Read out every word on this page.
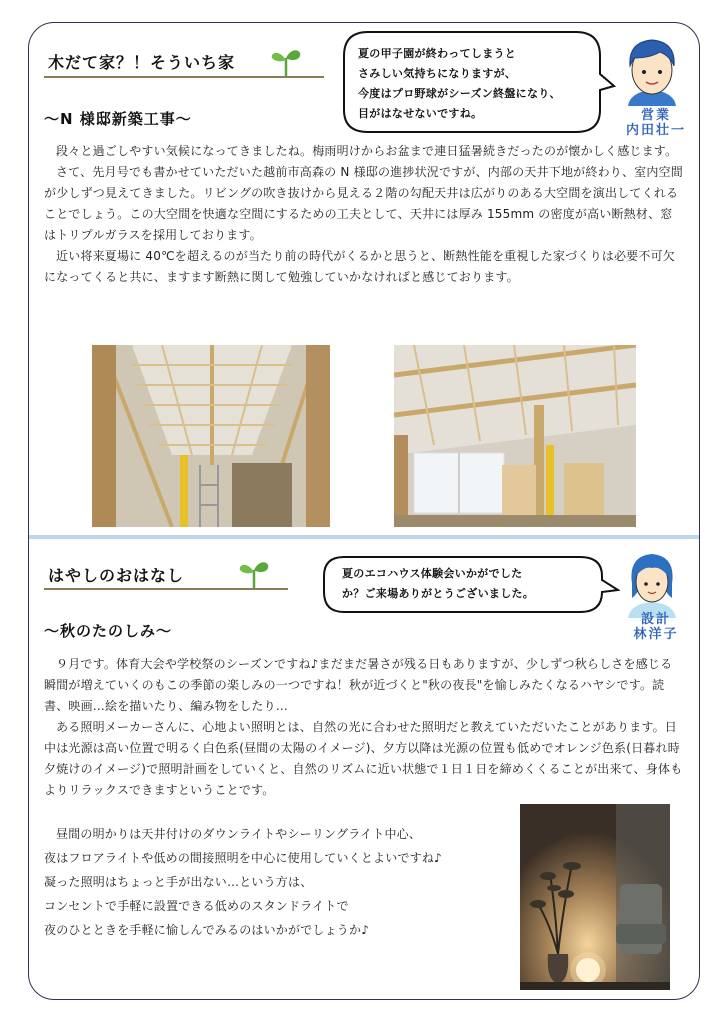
木だて家？！そういち家
～N 様邸新築工事～
夏の甲子園が終わってしまうと
さみしい気持ちになりますが、
今度はプロ野球がシーズン終盤になり、
目がはなせないですね。	営業
内田壮一

段々と過ごしやすい気候になってきましたね。梅雨明けからお盆まで連日猛暑続きだったのが懐かしく感じます。

さて、先月号でも書かせていただいた越前市高森の N 様邸の進捗状況ですが、内部の天井下地が終わり、室内空間が少しずつ見えてきました。リビングの吹き抜けから見える２階の勾配天井は広がりのある大空間を演出してくれることでしょう。この大空間を快適な空間にするための工夫として、天井には厚み 155mm の密度が高い断熱材、窓はトリプルガラスを採用しております。

近い将来夏場に 40℃を超えるのが当たり前の時代がくるかと思うと、断熱性能を重視した家づくりは必要不可欠になってくると共に、ますます断熱に関して勉強していかなければと感じております。

はやしのおはなし
～秋のたのしみ～
夏のエコハウス体験会いかがでした
か？ご来場ありがとうございました。
設計
林洋子

９月です。体育大会や学校祭のシーズンですね♪まだまだ暑さが残る日もありますが、少しずつ秋らしさを感じる瞬間が増えていくのもこの季節の楽しみの一つですね！秋が近づくと"秋の夜長"を愉しみたくなるハヤシです。読書、映画…絵を描いたり、編み物をしたり…

ある照明メーカーさんに、心地よい照明とは、自然の光に合わせた照明だと教えていただいたことがあります。日中は光源は高い位置で明るく白色系(昼間の太陽のイメージ)、夕方以降は光源の位置も低めでオレンジ色系(日暮れ時夕焼けのイメージ)で照明計画をしていくと、自然のリズムに近い状態で１日１日を締めくくることが出来て、身体もよりリラックスできますということです。

昼間の明かりは天井付けのダウンライトやシーリングライト中心、

夜はフロアライトや低めの間接照明を中心に使用していくとよいですね♪

凝った照明はちょっと手が出ない…という方は、

コンセントで手軽に設置できる低めのスタンドライトで

夜のひとときを手軽に愉しんでみるのはいかがでしょうか♪
